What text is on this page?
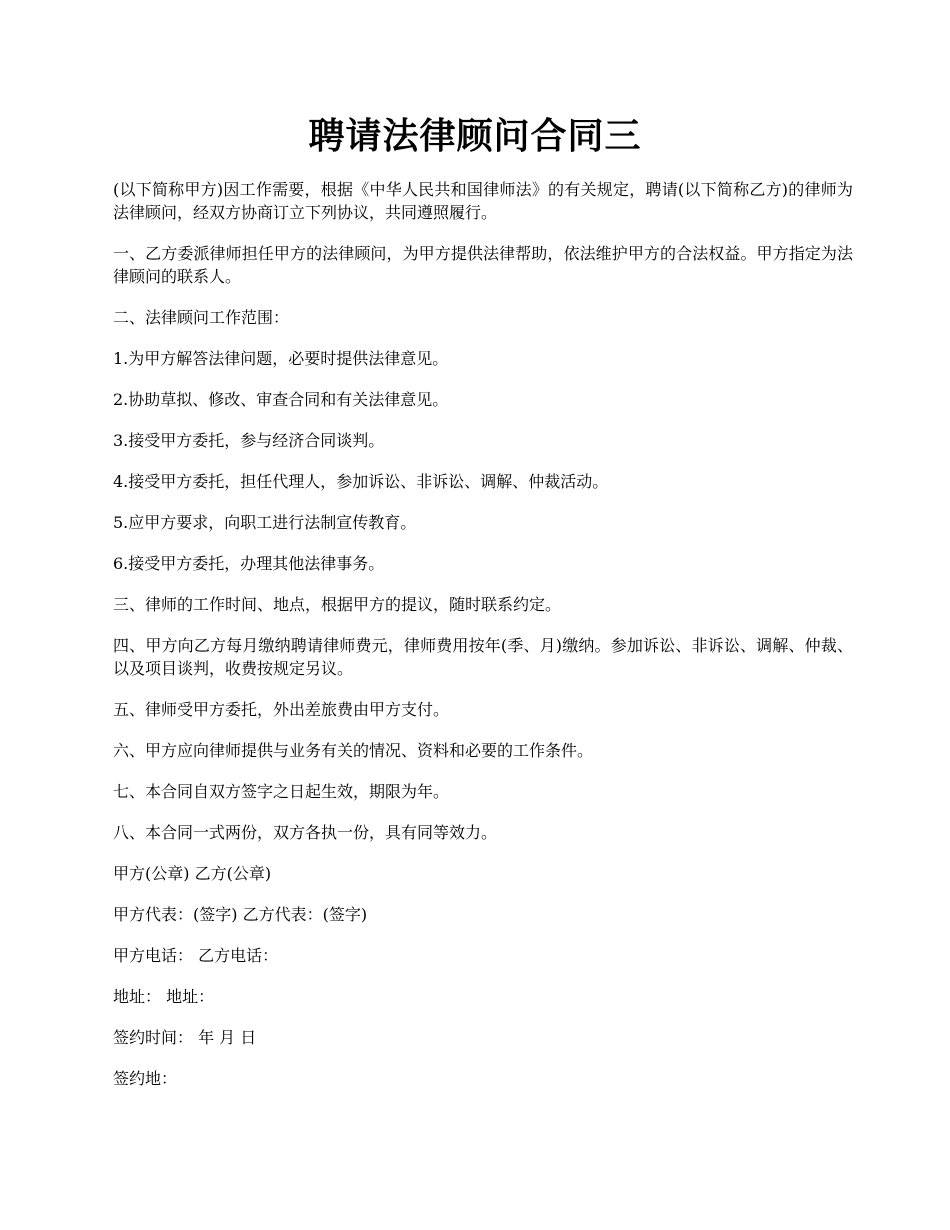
聘请法律顾问合同三

(以下简称甲方)因工作需要，根据《中华人民共和国律师法》的有关规定，聘请(以下简称乙方)的律师为法律顾问，经双方协商订立下列协议，共同遵照履行。

一、乙方委派律师担任甲方的法律顾问，为甲方提供法律帮助，依法维护甲方的合法权益。甲方指定为法律顾问的联系人。

二、法律顾问工作范围：

1.为甲方解答法律问题，必要时提供法律意见。

2.协助草拟、修改、审查合同和有关法律意见。

3.接受甲方委托，参与经济合同谈判。

4.接受甲方委托，担任代理人，参加诉讼、非诉讼、调解、仲裁活动。

5.应甲方要求，向职工进行法制宣传教育。

6.接受甲方委托，办理其他法律事务。

三、律师的工作时间、地点，根据甲方的提议，随时联系约定。

四、甲方向乙方每月缴纳聘请律师费元，律师费用按年(季、月)缴纳。参加诉讼、非诉讼、调解、仲裁、以及项目谈判，收费按规定另议。

五、律师受甲方委托，外出差旅费由甲方支付。

六、甲方应向律师提供与业务有关的情况、资料和必要的工作条件。

七、本合同自双方签字之日起生效，期限为年。

八、本合同一式两份，双方各执一份，具有同等效力。

甲方(公章) 乙方(公章)

甲方代表：(签字) 乙方代表：(签字)

甲方电话： 乙方电话：

地址： 地址：

签约时间： 年 月 日

签约地：
